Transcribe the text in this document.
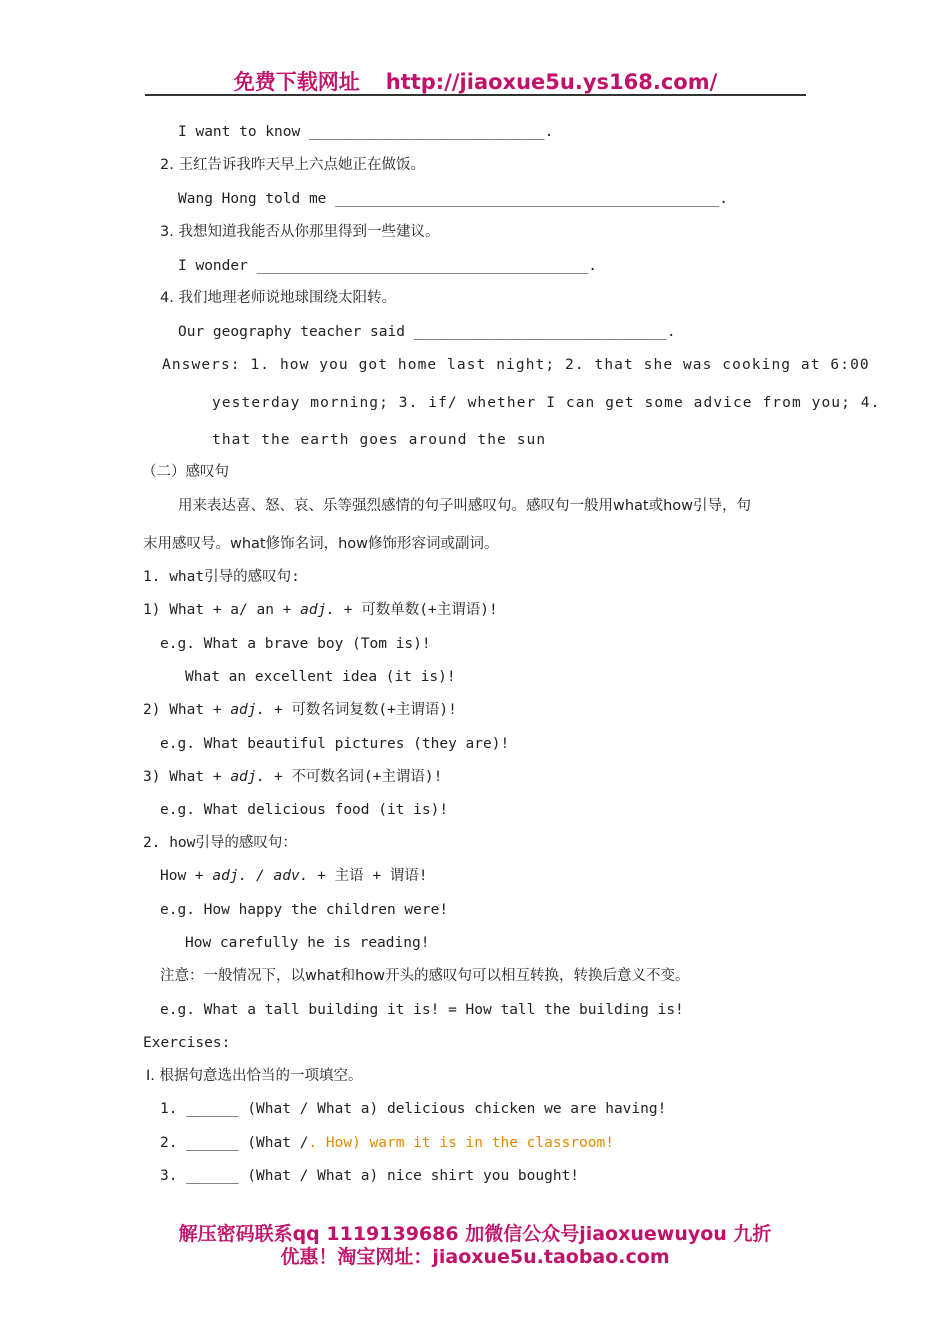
免费下载网址 http://jiaoxue5u.ys168.com/
I want to know ___________________________.
2. 王红告诉我昨天早上六点她正在做饭。
Wang Hong told me ____________________________________________.
3. 我想知道我能否从你那里得到一些建议。
I wonder ______________________________________.
4. 我们地理老师说地球围绕太阳转。
Our geography teacher said _____________________________.
Answers: 1. how you got home last night; 2. that she was cooking at 6:00
yesterday morning; 3. if/ whether I can get some advice from you; 4.
that the earth goes around the sun
（二）感叹句
用来表达喜、怒、哀、乐等强烈感情的句子叫感叹句。感叹句一般用what或how引导，句
末用感叹号。what修饰名词，how修饰形容词或副词。
1. what引导的感叹句:
1) What + a/ an + adj. + 可数单数(+主谓语)!
e.g. What a brave boy (Tom is)!
What an excellent idea (it is)!
2) What + adj. + 可数名词复数(+主谓语)!
e.g. What beautiful pictures (they are)!
3) What + adj. + 不可数名词(+主谓语)!
e.g. What delicious food (it is)!
2. how引导的感叹句：
How + adj. / adv. + 主语 + 谓语!
e.g. How happy the children were!
How carefully he is reading!
注意：一般情况下，以what和how开头的感叹句可以相互转换，转换后意义不变。
e.g. What a tall building it is! = How tall the building is!
Exercises:
Ⅰ. 根据句意选出恰当的一项填空。
1. ______ (What / What a) delicious chicken we are having!
2. ______ (What /. How) warm it is in the classroom!
3. ______ (What / What a) nice shirt you bought!
解压密码联系qq 1119139686 加微信公众号jiaoxuewuyou 九折
优惠！淘宝网址：jiaoxue5u.taobao.com
